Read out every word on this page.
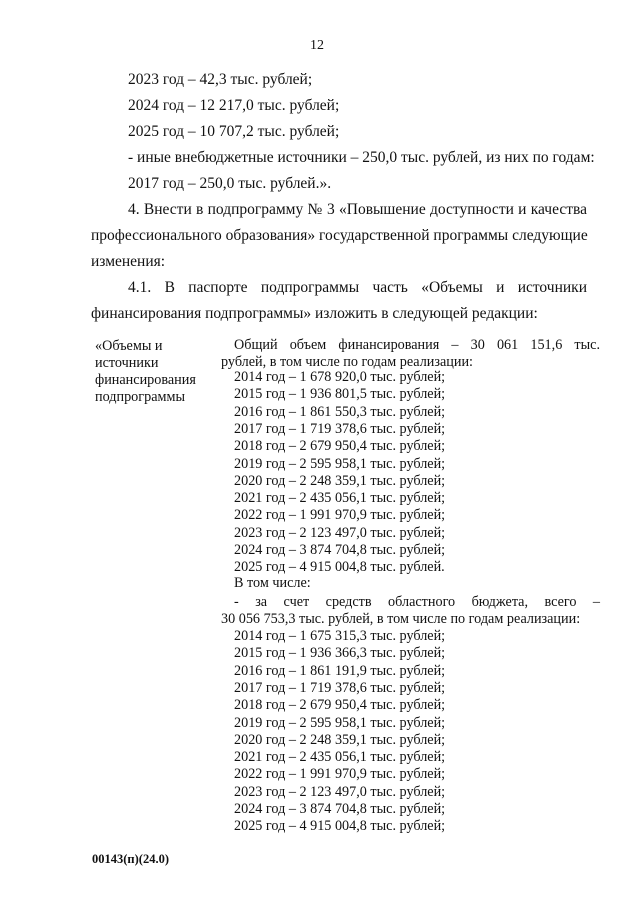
12
2023 год – 42,3 тыс. рублей;
2024 год – 12 217,0 тыс. рублей;
2025 год – 10 707,2 тыс. рублей;
- иные внебюджетные источники – 250,0 тыс. рублей, из них по годам:
2017 год – 250,0 тыс. рублей.».
4. Внести в подпрограмму № 3 «Повышение доступности и качества
профессионального образования» государственной программы следующие
изменения:
4.1. В паспорте подпрограммы часть «Объемы и источники
финансирования подпрограммы» изложить в следующей редакции:
«Объемы и
источники
финансирования
подпрограммы
Общий объем финансирования – 30 061 151,6 тыс.
рублей, в том числе по годам реализации:
2014 год – 1 678 920,0 тыс. рублей;
2015 год – 1 936 801,5 тыс. рублей;
2016 год – 1 861 550,3 тыс. рублей;
2017 год – 1 719 378,6 тыс. рублей;
2018 год – 2 679 950,4 тыс. рублей;
2019 год – 2 595 958,1 тыс. рублей;
2020 год – 2 248 359,1 тыс. рублей;
2021 год – 2 435 056,1 тыс. рублей;
2022 год – 1 991 970,9 тыс. рублей;
2023 год – 2 123 497,0 тыс. рублей;
2024 год – 3 874 704,8 тыс. рублей;
2025 год – 4 915 004,8 тыс. рублей.
В том числе:
- за счет средств областного бюджета, всего –
30 056 753,3 тыс. рублей, в том числе по годам реализации:
2014 год – 1 675 315,3 тыс. рублей;
2015 год – 1 936 366,3 тыс. рублей;
2016 год – 1 861 191,9 тыс. рублей;
2017 год – 1 719 378,6 тыс. рублей;
2018 год – 2 679 950,4 тыс. рублей;
2019 год – 2 595 958,1 тыс. рублей;
2020 год – 2 248 359,1 тыс. рублей;
2021 год – 2 435 056,1 тыс. рублей;
2022 год – 1 991 970,9 тыс. рублей;
2023 год – 2 123 497,0 тыс. рублей;
2024 год – 3 874 704,8 тыс. рублей;
2025 год – 4 915 004,8 тыс. рублей;
00143(п)(24.0)
